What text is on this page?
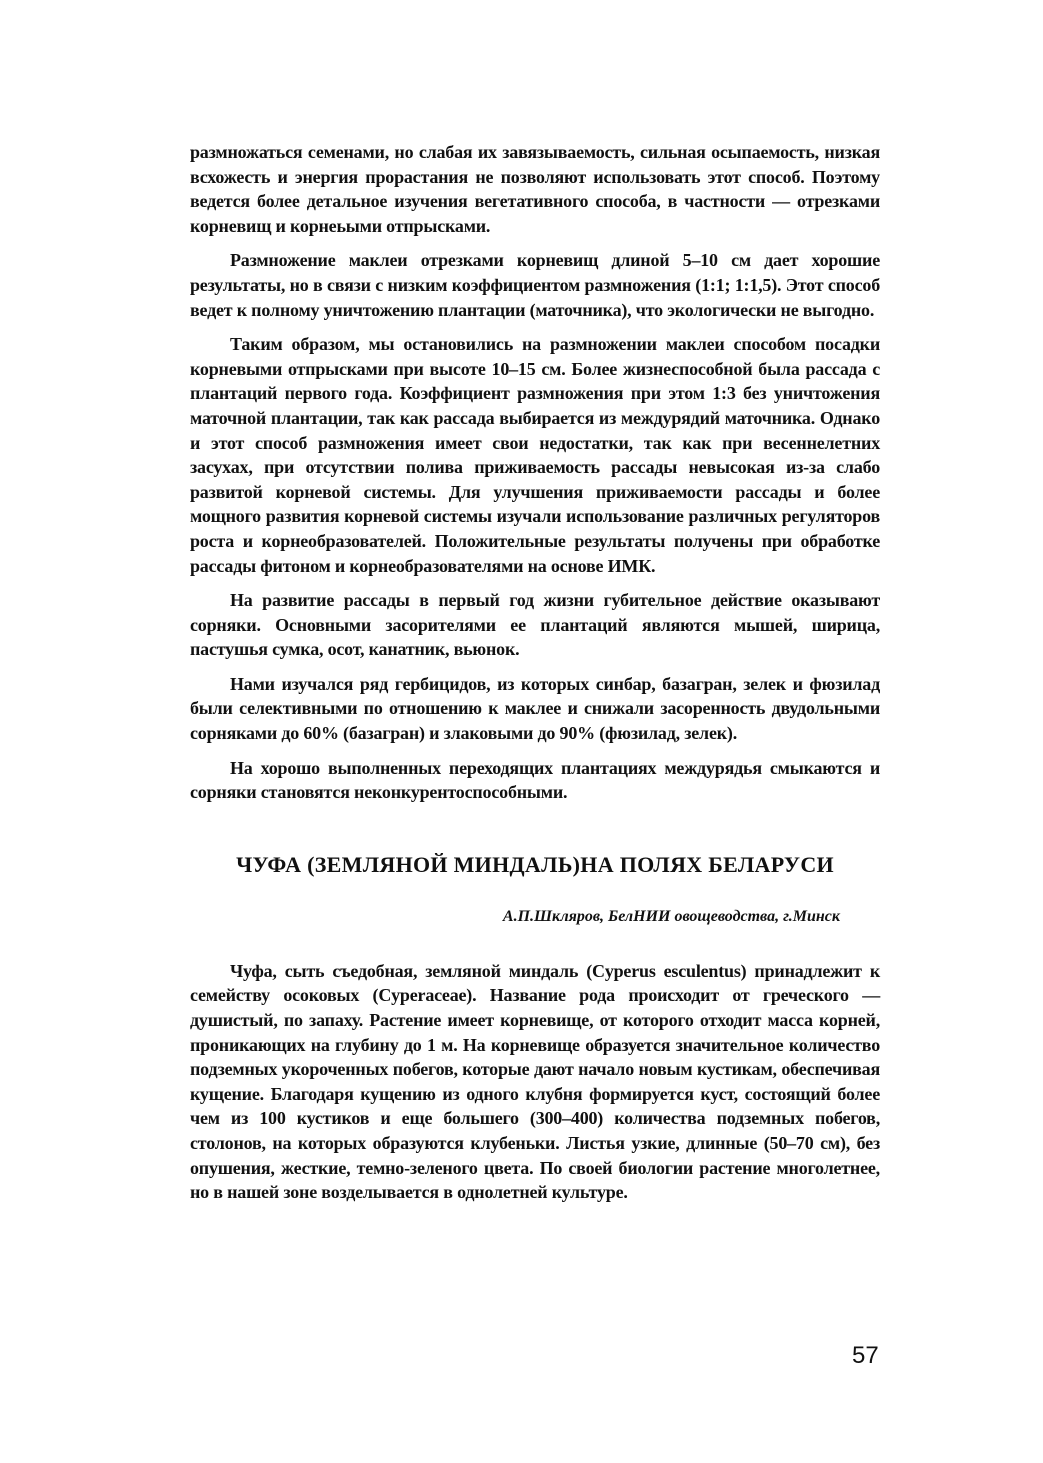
размножаться семенами, но слабая их завязываемость, сильная осыпаемость, низкая всхожесть и энергия прорастания не позволяют использовать этот способ. Поэтому ведется более детальное изучения вегетативного способа, в частности — отрезками корневищ и корнеьыми отпрысками.

Размножение маклеи отрезками корневищ длиной 5–10 см дает хорошие результаты, но в связи с низким коэффициентом размножения (1:1; 1:1,5). Этот способ ведет к полному уничтожению плантации (маточника), что экологически не выгодно.

Таким образом, мы остановились на размножении маклеи способом посадки корневыми отпрысками при высоте 10–15 см. Более жизнеспособной была рассада с плантаций первого года. Коэффициент размножения при этом 1:3 без уничтожения маточной плантации, так как рассада выбирается из междурядий маточника. Однако и этот способ размножения имеет свои недостатки, так как при весеннелетних засухах, при отсутствии полива приживаемость рассады невысокая из-за слабо развитой корневой системы. Для улучшения приживаемости рассады и более мощного развития корневой системы изучали использование различных регуляторов роста и корнеобразователей. Положительные результаты получены при обработке рассады фитоном и корнеобразователями на основе ИМК.

На развитие рассады в первый год жизни губительное действие оказывают сорняки. Основными засорителями ее плантаций являются мышей, ширица, пастушья сумка, осот, канатник, вьюнок.

Нами изучался ряд гербицидов, из которых синбар, базагран, зелек и фюзилад были селективными по отношению к маклее и снижали засоренность двудольными сорняками до 60% (базагран) и злаковыми до 90% (фюзилад, зелек).

На хорошо выполненных переходящих плантациях междурядья смыкаются и сорняки становятся неконкурентоспособными.

ЧУФА (ЗЕМЛЯНОЙ МИНДАЛЬ)НА ПОЛЯХ БЕЛАРУСИ
А.П.Шкляров, БелНИИ овощеводства, г.Минск

Чуфа, сыть съедобная, земляной миндаль (Cyperus esculentus) принадлежит к семейству осоковых (Cyperaceae). Название рода происходит от греческого — душистый, по запаху. Растение имеет корневище, от которого отходит масса корней, проникающих на глубину до 1 м. На корневище образуется значительное количество подземных укороченных побегов, которые дают начало новым кустикам, обеспечивая кущение. Благодаря кущению из одного клубня формируется куст, состоящий более чем из 100 кустиков и еще большего (300–400) количества подземных побегов, столонов, на которых образуются клубеньки. Листья узкие, длинные (50–70 см), без опушения, жесткие, темно-зеленого цвета. По своей биологии растение многолетнее, но в нашей зоне возделывается в однолетней культуре.

57
